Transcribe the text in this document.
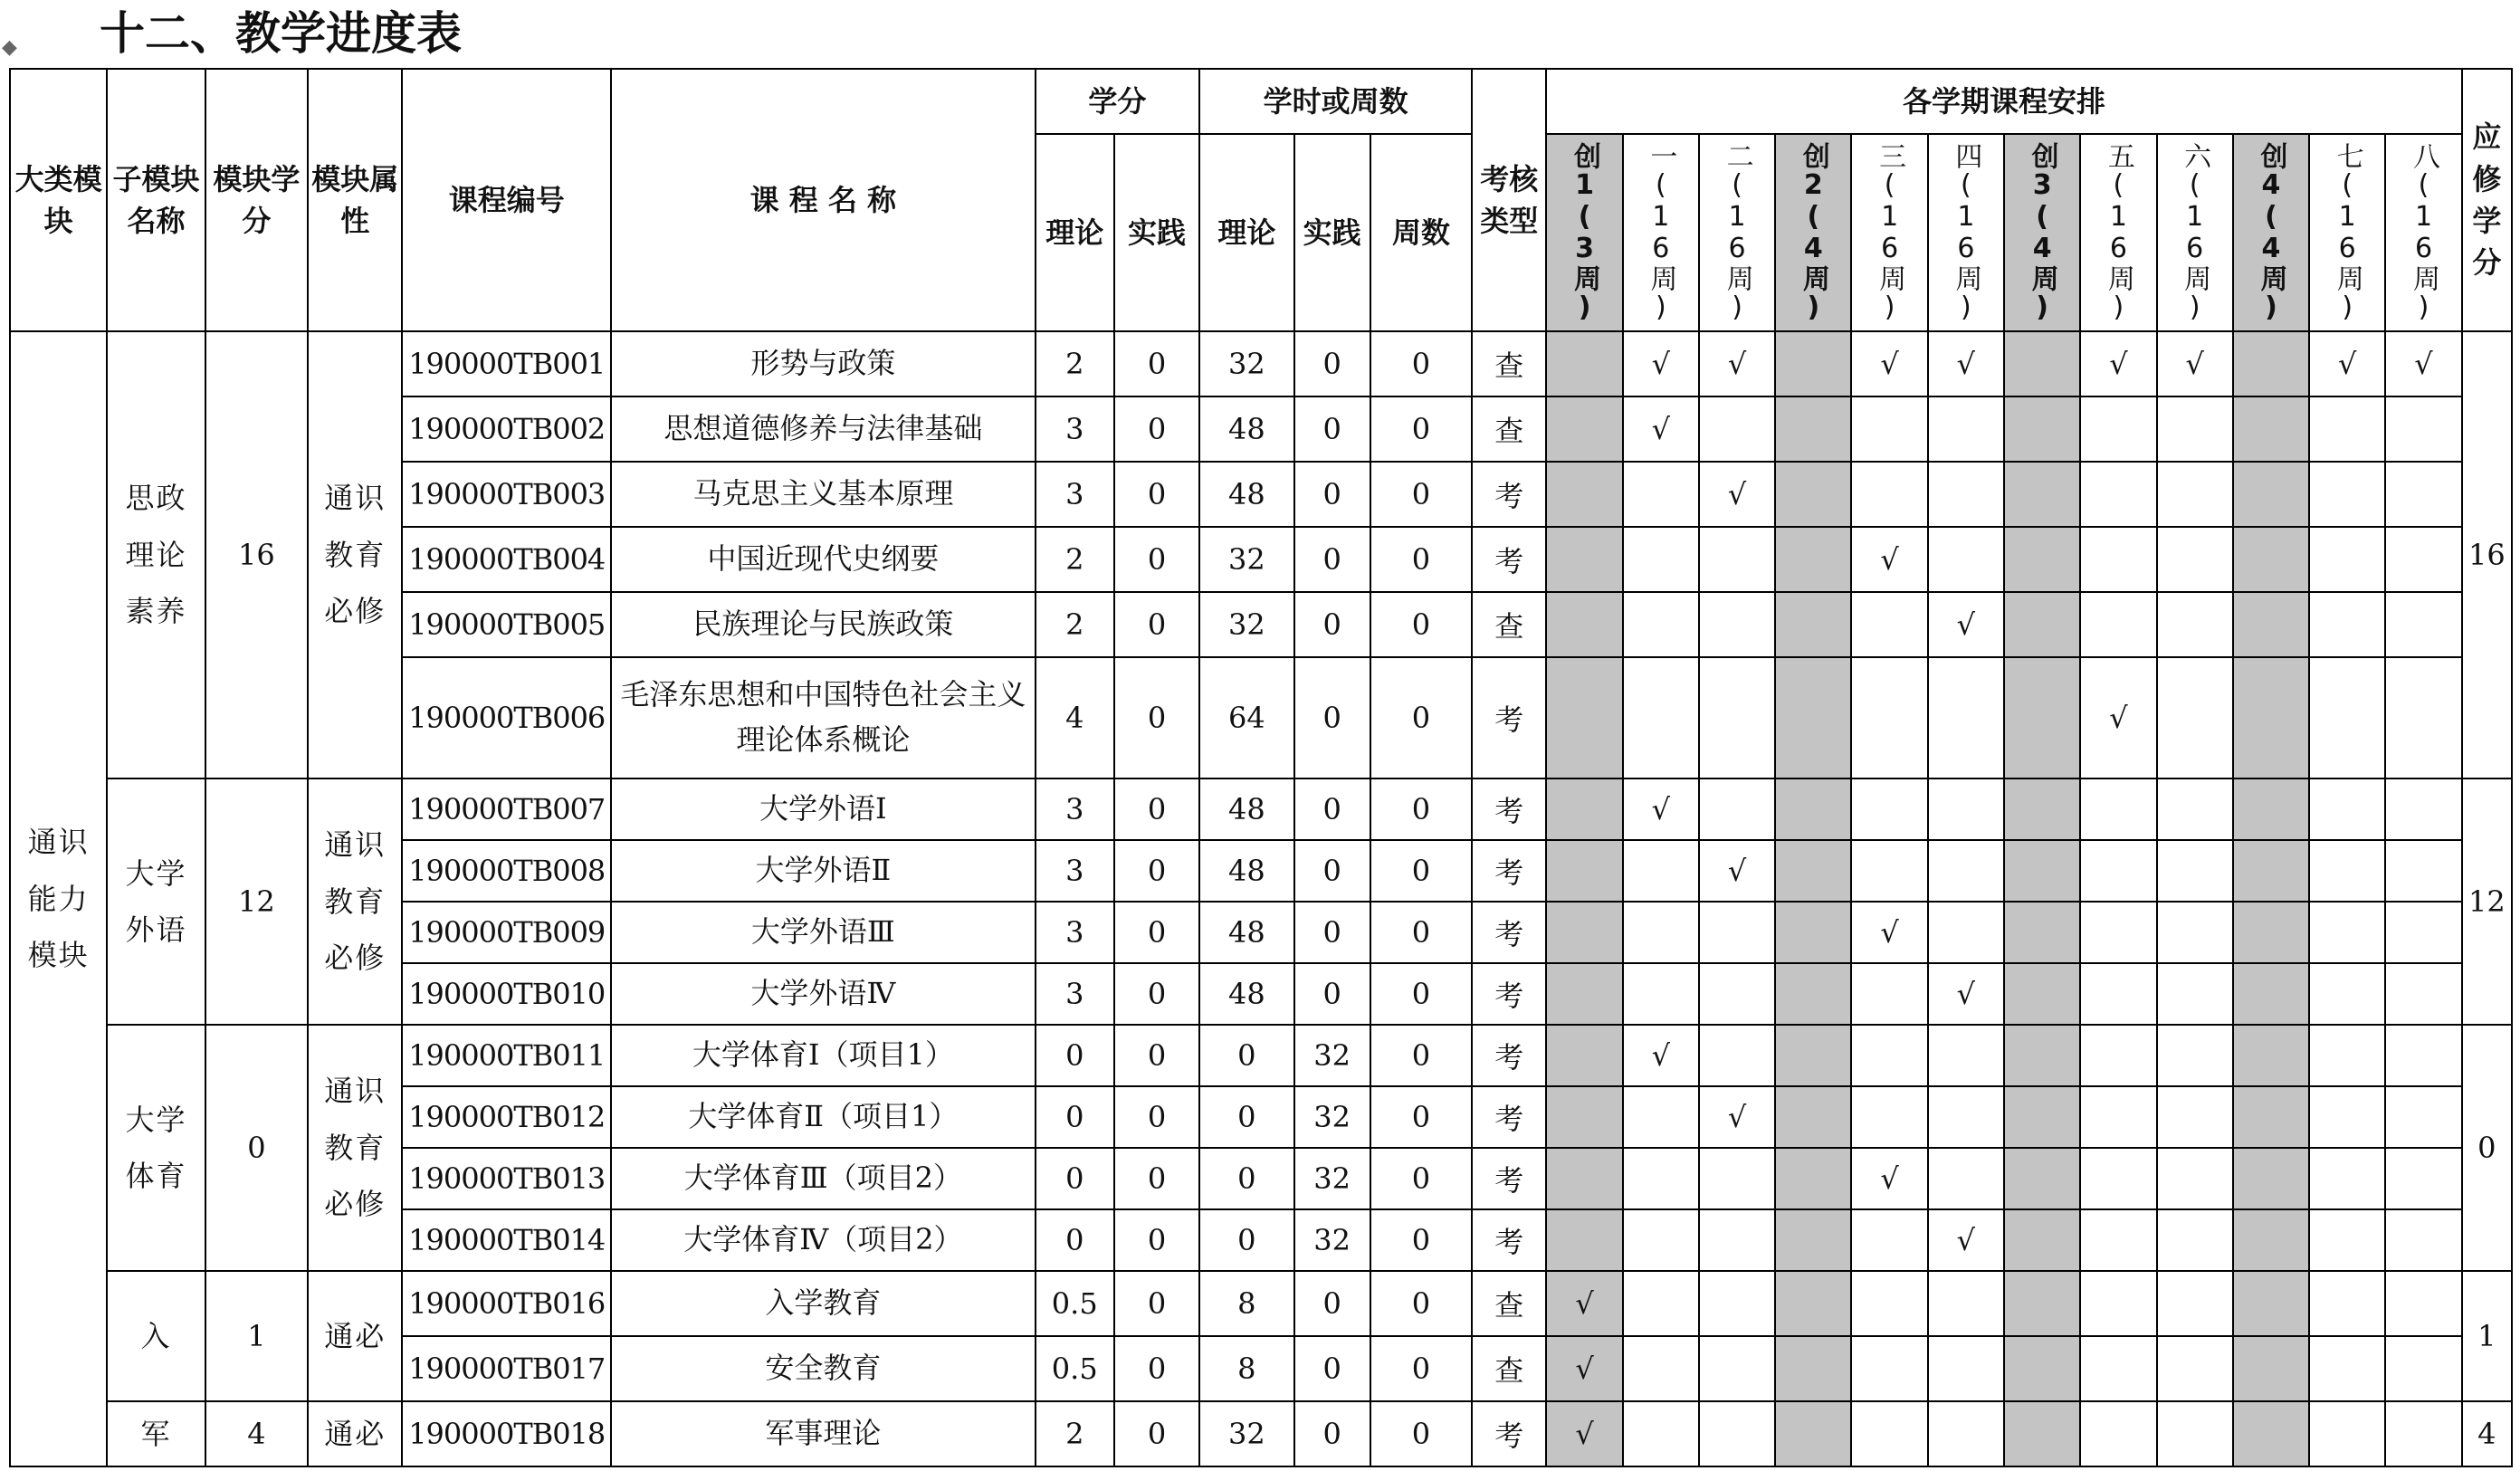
◆ 十二、教学进度表
大类模块	子模块名称	模块学分	模块属性	课程编号	课 程 名 称	学分		学时或周数			考核类型	各学期课程安排												应修学分
						理论	实践	理论	实践	周数		创1(3周)	一(16周)	二(16周)	创2(4周)	三(16周)	四(16周)	创3(4周)	五(16周)	六(16周)	创4(4周)	七(16周)	八(16周)	
通识能力模块	思政理论素养	16	通识教育必修	190000TB001	形势与政策	2	0	32	0	0	查		√	√		√	√		√	√		√	√	16
				190000TB002	思想道德修养与法律基础	3	0	48	0	0	查		√											
				190000TB003	马克思主义基本原理	3	0	48	0	0	考			√										
				190000TB004	中国近现代史纲要	2	0	32	0	0	考					√								
				190000TB005	民族理论与民族政策	2	0	32	0	0	查						√							
				190000TB006	毛泽东思想和中国特色社会主义理论体系概论	4	0	64	0	0	考								√					
	大学外语	12	通识教育必修	190000TB007	大学外语Ⅰ	3	0	48	0	0	考		√											12
				190000TB008	大学外语Ⅱ	3	0	48	0	0	考			√										
				190000TB009	大学外语Ⅲ	3	0	48	0	0	考					√								
				190000TB010	大学外语Ⅳ	3	0	48	0	0	考						√							
	大学体育	0	通识教育必修	190000TB011	大学体育Ⅰ（项目1）	0	0	0	32	0	考		√											0
				190000TB012	大学体育Ⅱ（项目1）	0	0	0	32	0	考			√										
				190000TB013	大学体育Ⅲ（项目2）	0	0	0	32	0	考					√								
				190000TB014	大学体育Ⅳ（项目2）	0	0	0	32	0	考						√							
	入	1	通必	190000TB016	入学教育	0.5	0	8	0	0	查	√												1
				190000TB017	安全教育	0.5	0	8	0	0	查	√												
	军	4	通必	190000TB018	军事理论	2	0	32	0	0	考	√												4
